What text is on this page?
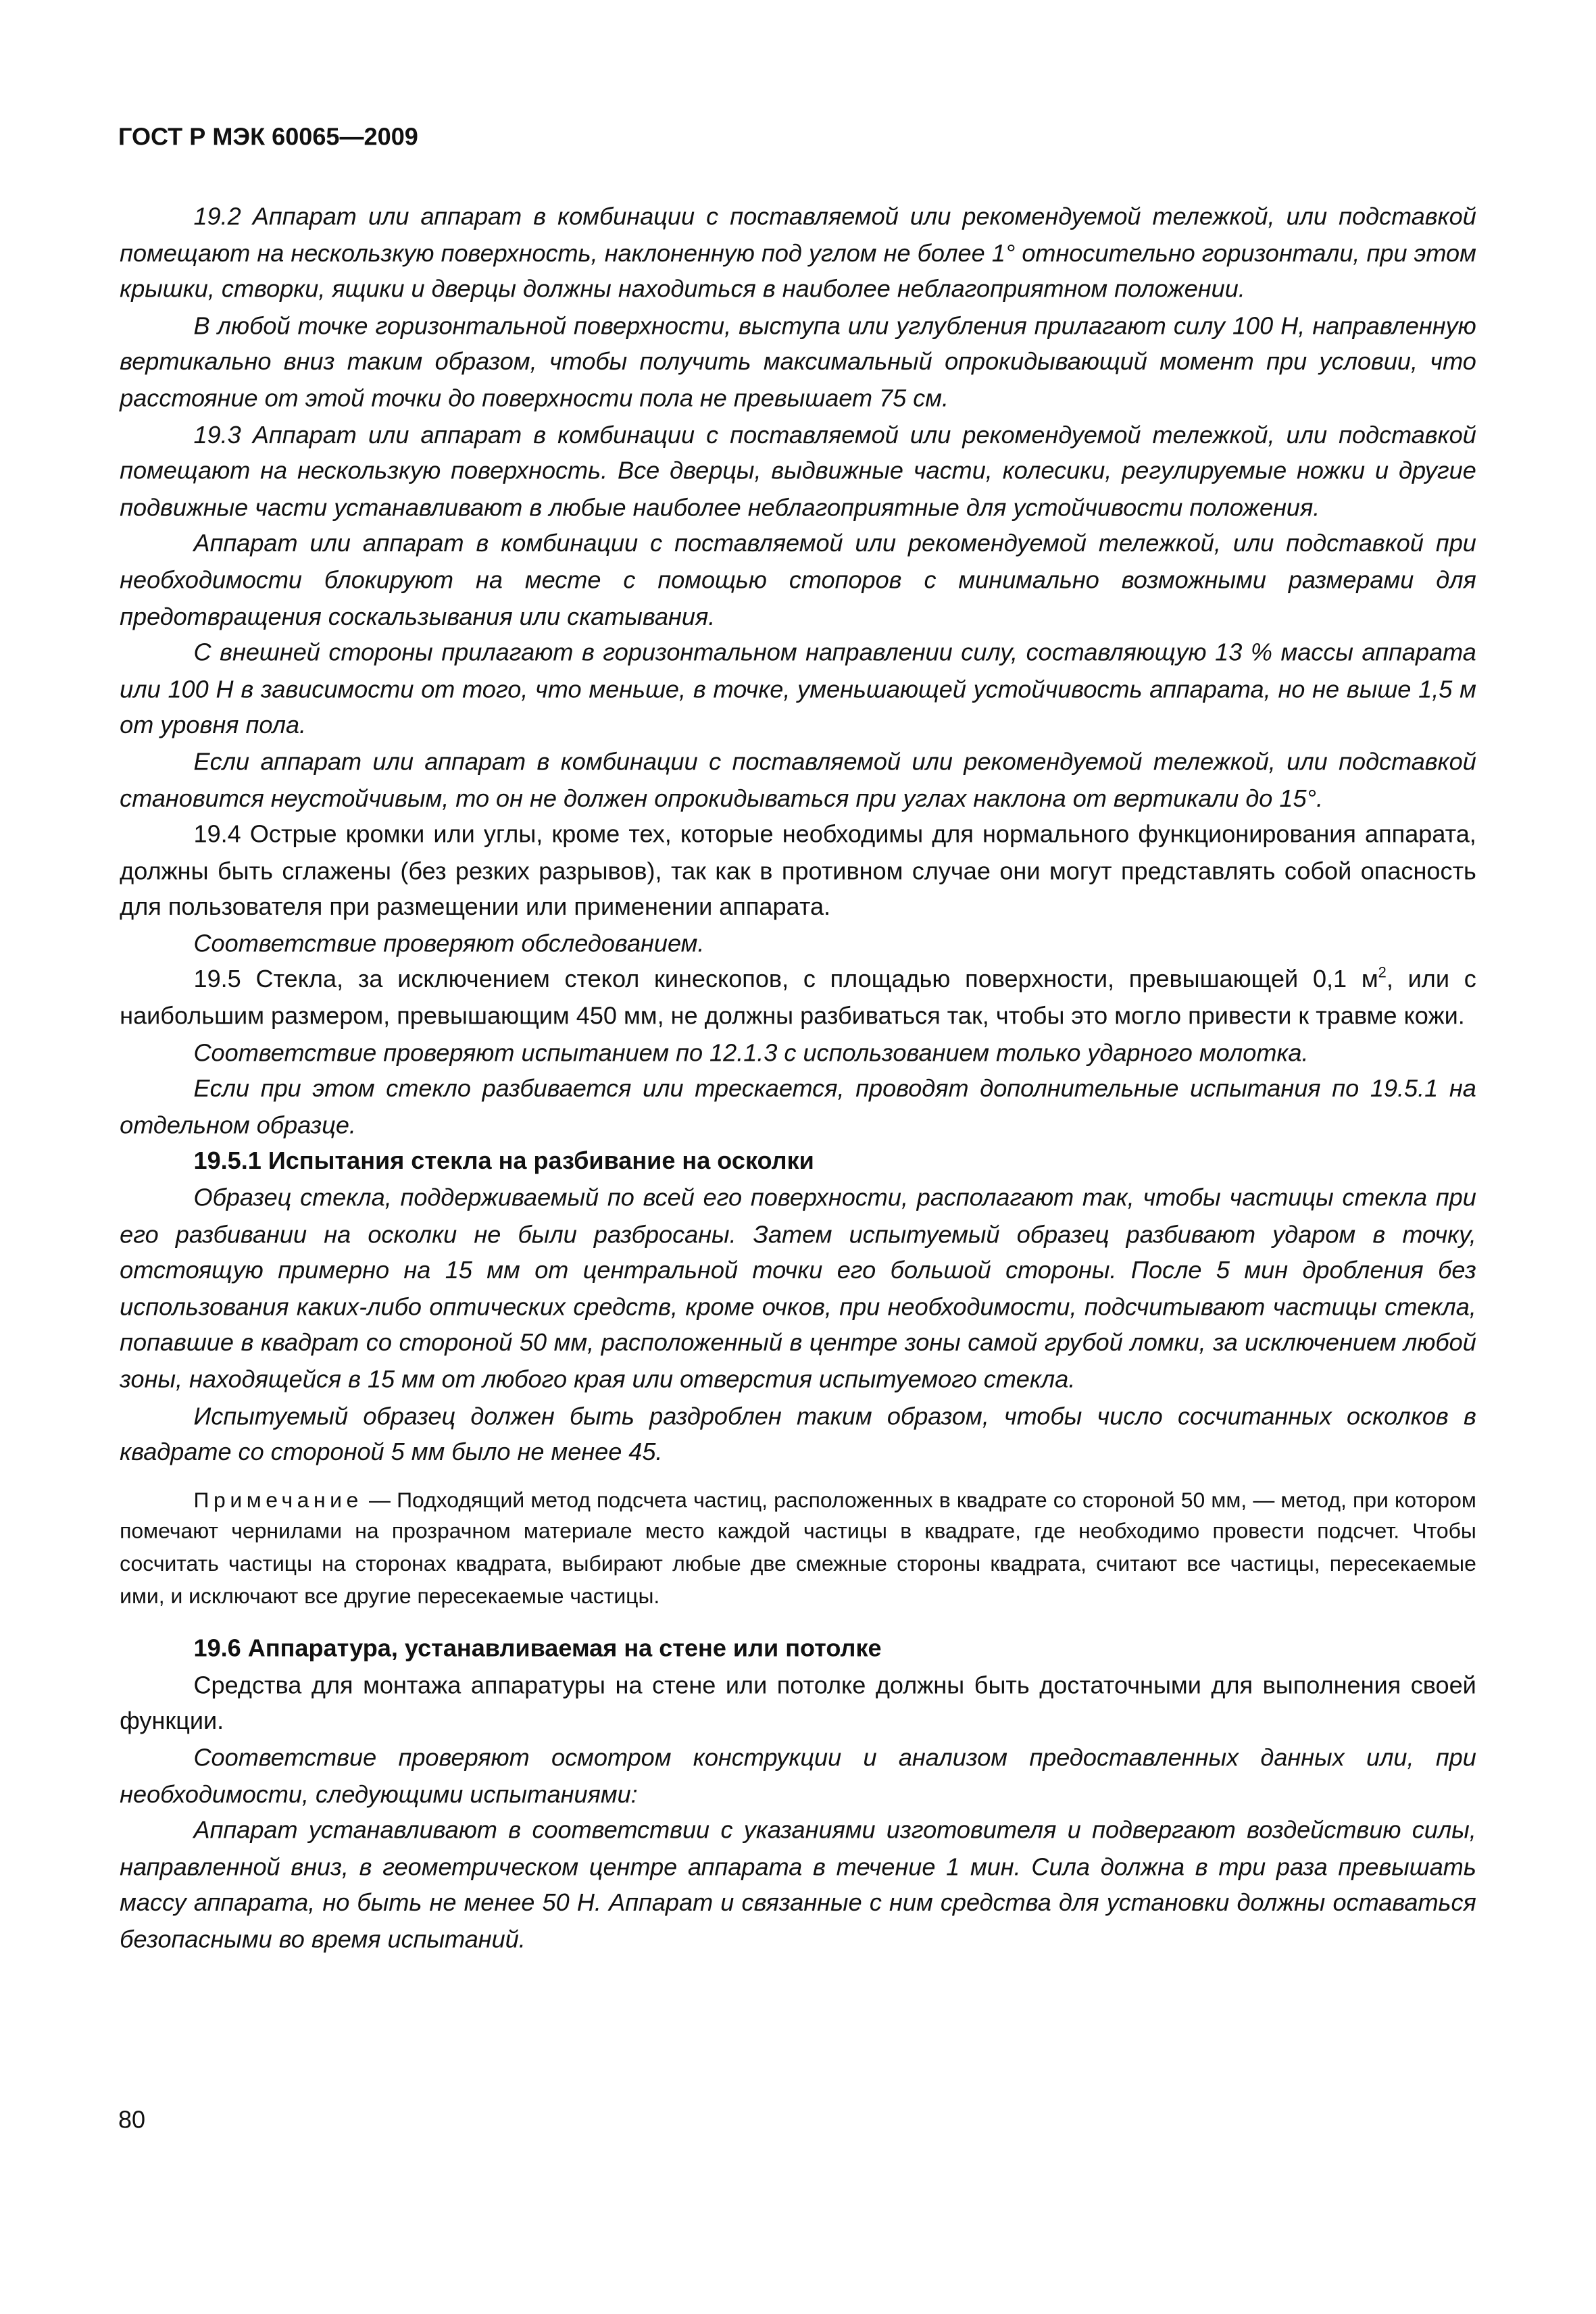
ГОСТ Р МЭК 60065—2009

19.2 Аппарат или аппарат в комбинации с поставляемой или рекомендуемой тележкой, или подставкой помещают на нескользкую поверхность, наклоненную под углом не более 1° относительно горизонтали, при этом крышки, створки, ящики и дверцы должны находиться в наиболее неблагоприятном положении.

В любой точке горизонтальной поверхности, выступа или углубления прилагают силу 100 Н, направленную вертикально вниз таким образом, чтобы получить максимальный опрокидывающий момент при условии, что расстояние от этой точки до поверхности пола не превышает 75 см.

19.3 Аппарат или аппарат в комбинации с поставляемой или рекомендуемой тележкой, или подставкой помещают на нескользкую поверхность. Все дверцы, выдвижные части, колесики, регулируемые ножки и другие подвижные части устанавливают в любые наиболее неблагоприятные для устойчивости положения.

Аппарат или аппарат в комбинации с поставляемой или рекомендуемой тележкой, или подставкой при необходимости блокируют на месте с помощью стопоров с минимально возможными размерами для предотвращения соскальзывания или скатывания.

С внешней стороны прилагают в горизонтальном направлении силу, составляющую 13 % массы аппарата или 100 Н в зависимости от того, что меньше, в точке, уменьшающей устойчивость аппарата, но не выше 1,5 м от уровня пола.

Если аппарат или аппарат в комбинации с поставляемой или рекомендуемой тележкой, или подставкой становится неустойчивым, то он не должен опрокидываться при углах наклона от вертикали до 15°.

19.4 Острые кромки или углы, кроме тех, которые необходимы для нормального функционирования аппарата, должны быть сглажены (без резких разрывов), так как в противном случае они могут представлять собой опасность для пользователя при размещении или применении аппарата.

Соответствие проверяют обследованием.

19.5 Стекла, за исключением стекол кинескопов, с площадью поверхности, превышающей 0,1 $м^2$, или с наибольшим размером, превышающим 450 мм, не должны разбиваться так, чтобы это могло привести к травме кожи.

Соответствие проверяют испытанием по 12.1.3 с использованием только ударного молотка.

Если при этом стекло разбивается или трескается, проводят дополнительные испытания по 19.5.1 на отдельном образце.

19.5.1 Испытания стекла на разбивание на осколки

Образец стекла, поддерживаемый по всей его поверхности, располагают так, чтобы частицы стекла при его разбивании на осколки не были разбросаны. Затем испытуемый образец разбивают ударом в точку, отстоящую примерно на 15 мм от центральной точки его большой стороны. После 5 мин дробления без использования каких-либо оптических средств, кроме очков, при необходимости, подсчитывают частицы стекла, попавшие в квадрат со стороной 50 мм, расположенный в центре зоны самой грубой ломки, за исключением любой зоны, находящейся в 15 мм от любого края или отверстия испытуемого стекла.

Испытуемый образец должен быть раздроблен таким образом, чтобы число сосчитанных осколков в квадрате со стороной 5 мм было не менее 45.

Примечание — Подходящий метод подсчета частиц, расположенных в квадрате со стороной 50 мм, — метод, при котором помечают чернилами на прозрачном материале место каждой частицы в квадрате, где необходимо провести подсчет. Чтобы сосчитать частицы на сторонах квадрата, выбирают любые две смежные стороны квадрата, считают все частицы, пересекаемые ими, и исключают все другие пересекаемые частицы.

19.6 Аппаратура, устанавливаемая на стене или потолке

Средства для монтажа аппаратуры на стене или потолке должны быть достаточными для выполнения своей функции.

Соответствие проверяют осмотром конструкции и анализом предоставленных данных или, при необходимости, следующими испытаниями:

Аппарат устанавливают в соответствии с указаниями изготовителя и подвергают воздействию силы, направленной вниз, в геометрическом центре аппарата в течение 1 мин. Сила должна в три раза превышать массу аппарата, но быть не менее 50 Н. Аппарат и связанные с ним средства для установки должны оставаться безопасными во время испытаний.

80
